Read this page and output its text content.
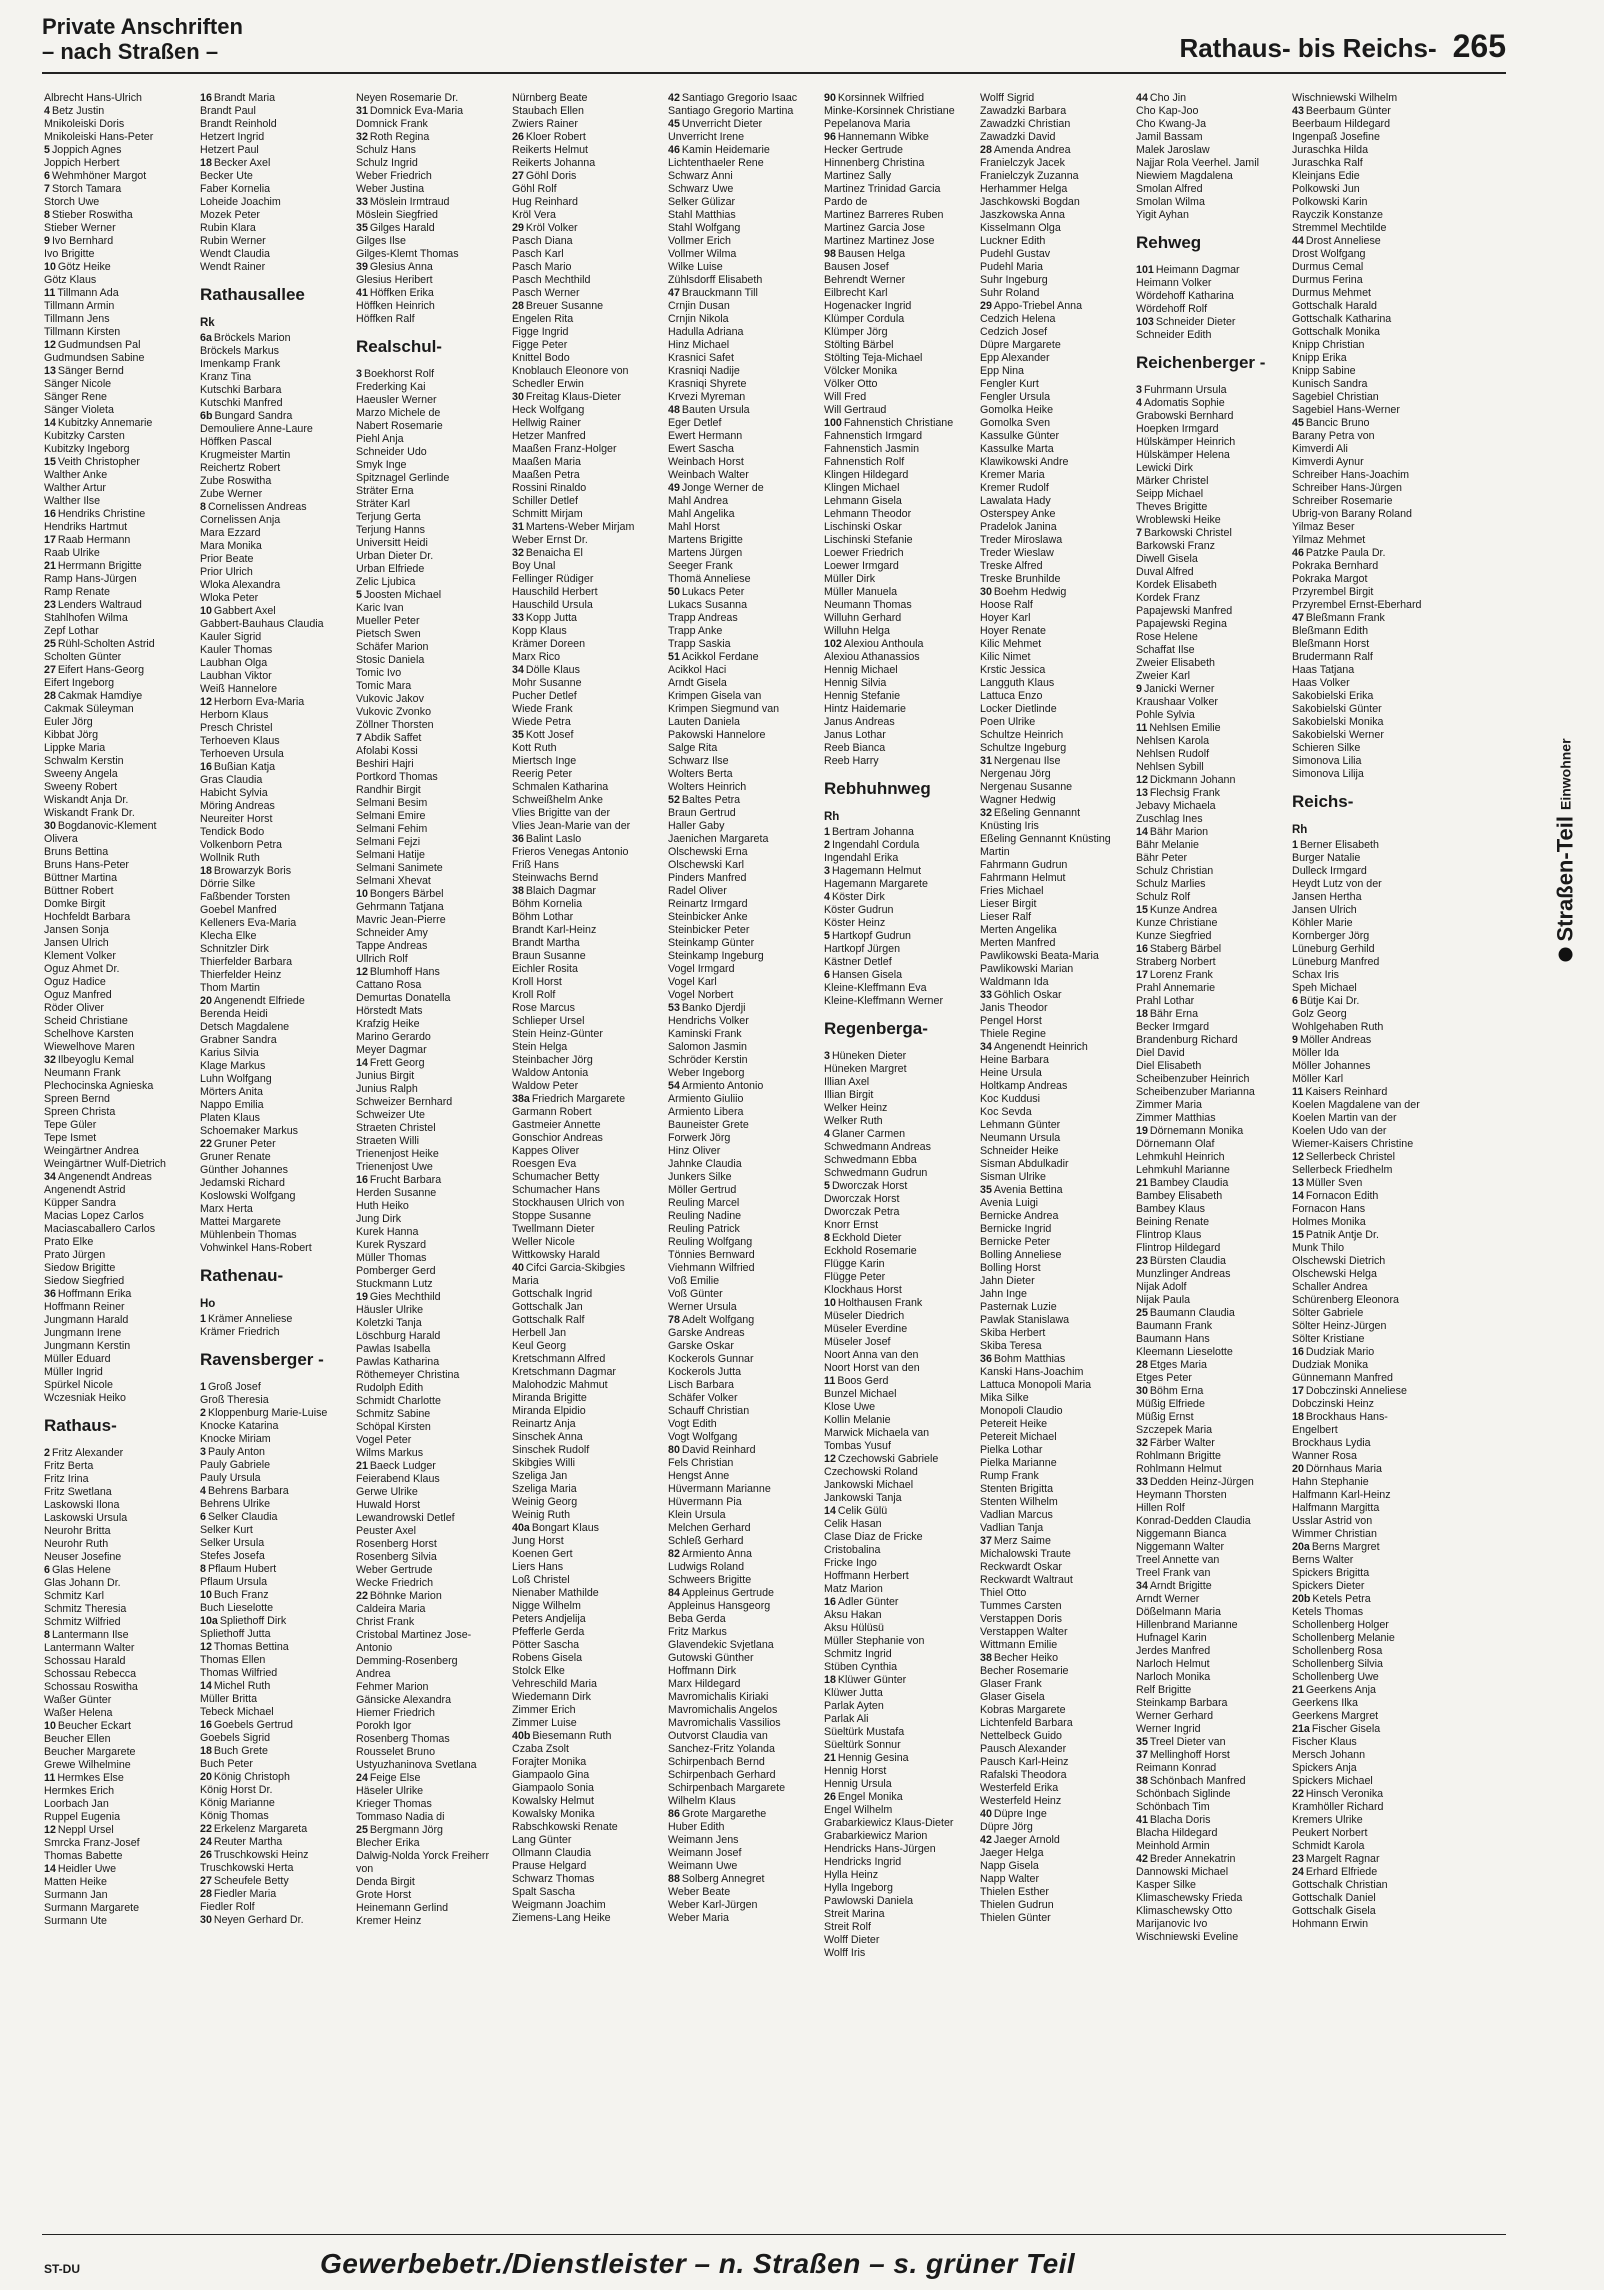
Private Anschriften
– nach Straßen –	Rathaus- bis Reichs- 265
Albrecht Hans-Ulrich
4 Betz Justin
Mnikoleiski Doris
Mnikoleiski Hans-Peter
5 Joppich Agnes
Joppich Herbert
6 Wehmhöner Margot
7 Storch Tamara
Storch Uwe
8 Stieber Roswitha
Stieber Werner
9 Ivo Bernhard
Ivo Brigitte
10 Götz Heike
Götz Klaus
11 Tillmann Ada
Tillmann Armin
Tillmann Jens
Tillmann Kirsten
12 Gudmundsen Pal
Gudmundsen Sabine
13 Sänger Bernd
Sänger Nicole
Sänger Rene
Sänger Violeta
14 Kubitzky Annemarie
Kubitzky Carsten
Kubitzky Ingeborg
15 Veith Christopher
Walther Anke
Walther Artur
Walther Ilse
16 Hendriks Christine
Hendriks Hartmut
17 Raab Hermann
Raab Ulrike
21 Herrmann Brigitte
Ramp Hans-Jürgen
Ramp Renate
23 Lenders Waltraud
Stahlhofen Wilma
Zepf Lothar
25 Rühl-Scholten Astrid
Scholten Günter
27 Eifert Hans-Georg
Eifert Ingeborg
28 Cakmak Hamdiye
Cakmak Süleyman
Euler Jörg
Kibbat Jörg
Lippke Maria
Schwalm Kerstin
Sweeny Angela
Sweeny Robert
Wiskandt Anja Dr.
Wiskandt Frank Dr.
30 Bogdanovic-Klement
Olivera
Bruns Bettina
Bruns Hans-Peter
Büttner Martina
Büttner Robert
Domke Birgit
Hochfeldt Barbara
Jansen Sonja
Jansen Ulrich
Klement Volker
Oguz Ahmet Dr.
Oguz Hadice
Oguz Manfred
Röder Oliver
Scheid Christiane
Schelhove Karsten
Wiewelhove Maren
32 Ilbeyoglu Kemal
Neumann Frank
Plechocinska Agnieska
Spreen Bernd
Spreen Christa
Tepe Güler
Tepe Ismet
Weingärtner Andrea
Weingärtner Wulf-Dietrich
34 Angenendt Andreas
Angenendt Astrid
Küpper Sandra
Macias Lopez Carlos
Maciascaballero Carlos
Prato Elke
Prato Jürgen
Siedow Brigitte
Siedow Siegfried
36 Hoffmann Erika
Hoffmann Reiner
Jungmann Harald
Jungmann Irene
Jungmann Kerstin
Müller Eduard
Müller Ingrid
Spürkel Nicole
Wczesniak Heiko
Rathaus-
2 Fritz Alexander
Fritz Berta
Fritz Irina
Fritz Swetlana
Laskowski Ilona
Laskowski Ursula
Neurohr Britta
Neurohr Ruth
Neuser Josefine
6 Glas Helene
Glas Johann Dr.
Schmitz Karl
Schmitz Theresia
Schmitz Wilfried
8 Lantermann Ilse
Lantermann Walter
Schossau Harald
Schossau Rebecca
Schossau Roswitha
Waßer Günter
Waßer Helena
10 Beucher Eckart
Beucher Ellen
Beucher Margarete
Grewe Wilhelmine
11 Hermkes Else
Hermkes Erich
Loorbach Jan
Ruppel Eugenia
12 Neppl Ursel
Smrcka Franz-Josef
Thomas Babette
14 Heidler Uwe
Matten Heike
Surmann Jan
Surmann Margarete
Surmann Ute
16 Brandt Maria
Brandt Paul
Brandt Reinhold
Hetzert Ingrid
Hetzert Paul
18 Becker Axel
Becker Ute
Faber Kornelia
Loheide Joachim
Mozek Peter
Rubin Klara
Rubin Werner
Wendt Claudia
Wendt Rainer
Rathausallee
Rk
6a Bröckels Marion
Bröckels Markus
Imenkamp Frank
Kranz Tina
Kutschki Barbara
Kutschki Manfred
6b Bungard Sandra
Demouliere Anne-Laure
Höffken Pascal
Krugmeister Martin
Reichertz Robert
Zube Roswitha
Zube Werner
8 Cornelissen Andreas
Cornelissen Anja
Mara Ezzard
Mara Monika
Prior Beate
Prior Ulrich
Wloka Alexandra
Wloka Peter
10 Gabbert Axel
Gabbert-Bauhaus Claudia
Kauler Sigrid
Kauler Thomas
Laubhan Olga
Laubhan Viktor
Weiß Hannelore
12 Herborn Eva-Maria
Herborn Klaus
Presch Christel
Terhoeven Klaus
Terhoeven Ursula
16 Bußian Katja
Gras Claudia
Habicht Sylvia
Möring Andreas
Neureiter Horst
Tendick Bodo
Volkenborn Petra
Wollnik Ruth
18 Browarzyk Boris
Dörrie Silke
Faßbender Torsten
Goebel Manfred
Kelleners Eva-Maria
Klecha Elke
Schnitzler Dirk
Thierfelder Barbara
Thierfelder Heinz
Thom Martin
20 Angenendt Elfriede
Berenda Heidi
Detsch Magdalene
Grabner Sandra
Karius Silvia
Klage Markus
Luhn Wolfgang
Mörters Anita
Nappo Emilia
Platen Klaus
Schoemaker Markus
22 Gruner Peter
Gruner Renate
Günther Johannes
Jedamski Richard
Koslowski Wolfgang
Marx Herta
Mattei Margarete
Mühlenbein Thomas
Vohwinkel Hans-Robert
Rathenau-
Ho
1 Krämer Anneliese
Krämer Friedrich
Ravensberger -
1 Groß Josef
Groß Theresia
2 Kloppenburg Marie-Luise
Knocke Katarina
Knocke Miriam
3 Pauly Anton
Pauly Gabriele
Pauly Ursula
4 Behrens Barbara
Behrens Ulrike
6 Selker Claudia
Selker Kurt
Selker Ursula
Stefes Josefa
8 Pflaum Hubert
Pflaum Ursula
10 Buch Franz
Buch Lieselotte
10a Spliethoff Dirk
Spliethoff Jutta
12 Thomas Bettina
Thomas Ellen
Thomas Wilfried
14 Michel Ruth
Müller Britta
Tebeck Michael
16 Goebels Gertrud
Goebels Sigrid
18 Buch Grete
Buch Peter
20 König Christoph
König Horst Dr.
König Marianne
König Thomas
22 Erkelenz Margareta
24 Reuter Martha
26 Truschkowski Heinz
Truschkowski Herta
27 Scheufele Betty
28 Fiedler Maria
Fiedler Rolf
30 Neyen Gerhard Dr.
Neyen Rosemarie Dr.
31 Domnick Eva-Maria
Domnick Frank
32 Roth Regina
Schulz Hans
Schulz Ingrid
Weber Friedrich
Weber Justina
33 Möslein Irmtraud
Möslein Siegfried
35 Gilges Harald
Gilges Ilse
Gilges-Klemt Thomas
39 Glesius Anna
Glesius Heribert
41 Höffken Erika
Höffken Heinrich
Höffken Ralf
Realschul-
3 Boekhorst Rolf
Frederking Kai
Haeusler Werner
Marzo Michele de
Nabert Rosemarie
Piehl Anja
Schneider Udo
Smyk Inge
Spitznagel Gerlinde
Sträter Erna
Sträter Karl
Terjung Gerta
Terjung Hanns
Universitt Heidi
Urban Dieter Dr.
Urban Elfriede
Zelic Ljubica
5 Joosten Michael
Karic Ivan
Mueller Peter
Pietsch Swen
Schäfer Marion
Stosic Daniela
Tomic Ivo
Tomic Mara
Vukovic Jakov
Vukovic Zvonko
Zöllner Thorsten
7 Abdik Saffet
Afolabi Kossi
Beshiri Hajri
Portkord Thomas
Randhir Birgit
Selmani Besim
Selmani Emire
Selmani Fehim
Selmani Fejzi
Selmani Hatije
Selmani Sanimete
Selmani Xhevat
10 Bongers Bärbel
Gehrmann Tatjana
Mavric Jean-Pierre
Schneider Amy
Tappe Andreas
Ullrich Rolf
12 Blumhoff Hans
Cattano Rosa
Demurtas Donatella
Hörstedt Mats
Krafzig Heike
Marino Gerardo
Meyer Dagmar
14 Frett Georg
Junius Birgit
Junius Ralph
Schweizer Bernhard
Schweizer Ute
Straeten Christel
Straeten Willi
Trienenjost Heike
Trienenjost Uwe
16 Frucht Barbara
Herden Susanne
Huth Heiko
Jung Dirk
Kurek Hanna
Kurek Ryszard
Müller Thomas
Pomberger Gerd
Stuckmann Lutz
19 Gies Mechthild
Häusler Ulrike
Koletzki Tanja
Löschburg Harald
Pawlas Isabella
Pawlas Katharina
Röthemeyer Christina
Rudolph Edith
Schmidt Charlotte
Schmitz Sabine
Schöpal Kirsten
Vogel Peter
Wilms Markus
21 Baeck Ludger
Feierabend Klaus
Gerwe Ulrike
Huwald Horst
Lewandrowski Detlef
Peuster Axel
Rosenberg Horst
Rosenberg Silvia
Weber Gertrude
Wecke Friedrich
22 Böhnke Marion
Caldeira Maria
Christ Frank
Cristobal Martinez Jose-
Antonio
Demming-Rosenberg
Andrea
Fehmer Marion
Gänsicke Alexandra
Hiemer Friedrich
Porokh Igor
Rosenberg Thomas
Rousselet Bruno
Ustyuzhaninova Svetlana
24 Feige Else
Häseler Ulrike
Krieger Thomas
Tommaso Nadia di
25 Bergmann Jörg
Blecher Erika
Dalwig-Nolda Yorck Freiherr
von
Denda Birgit
Grote Horst
Heinemann Gerlind
Kremer Heinz
Nürnberg Beate
Staubach Ellen
Zwiers Rainer
26 Kloer Robert
Reikerts Helmut
Reikerts Johanna
27 Göhl Doris
Göhl Rolf
Hug Reinhard
Kröl Vera
29 Kröl Volker
Pasch Diana
Pasch Karl
Pasch Mario
Pasch Mechthild
Pasch Werner
28 Breuer Susanne
Engelen Rita
Figge Ingrid
Figge Peter
Knittel Bodo
Knoblauch Eleonore von
Schedler Erwin
30 Freitag Klaus-Dieter
Heck Wolfgang
Hellwig Rainer
Hetzer Manfred
Maaßen Franz-Holger
Maaßen Maria
Maaßen Petra
Rossini Rinaldo
Schiller Detlef
Schmitt Mirjam
31 Martens-Weber Mirjam
Weber Ernst Dr.
32 Benaicha El
Boy Unal
Fellinger Rüdiger
Hauschild Herbert
Hauschild Ursula
33 Kopp Jutta
Kopp Klaus
Krämer Doreen
Marx Rico
34 Dölle Klaus
Mohr Susanne
Pucher Detlef
Wiede Frank
Wiede Petra
35 Kott Josef
Kott Ruth
Miertsch Inge
Reerig Peter
Schmalen Katharina
Schweißhelm Anke
Vlies Brigitte van der
Vlies Jean-Marie van der
36 Balint Laslo
Frieros Venegas Antonio
Friß Hans
Steinwachs Bernd
38 Blaich Dagmar
Böhm Kornelia
Böhm Lothar
Brandt Karl-Heinz
Brandt Martha
Braun Susanne
Eichler Rosita
Kroll Horst
Kroll Rolf
Rose Marcus
Schlieper Ursel
Stein Heinz-Günter
Stein Helga
Steinbacher Jörg
Waldow Antonia
Waldow Peter
38a Friedrich Margarete
Garmann Robert
Gastmeier Annette
Gonschior Andreas
Kappes Oliver
Roesgen Eva
Schumacher Betty
Schumacher Hans
Stockhausen Ulrich von
Stoppe Susanne
Twellmann Dieter
Weller Nicole
Wittkowsky Harald
40 Cifci Garcia-Skibgies
Maria
Gottschalk Ingrid
Gottschalk Jan
Gottschalk Ralf
Herbell Jan
Keul Georg
Kretschmann Alfred
Kretschmann Dagmar
Malohodzic Mahmut
Miranda Brigitte
Miranda Elpidio
Reinartz Anja
Sinschek Anna
Sinschek Rudolf
Skibgies Willi
Szeliga Jan
Szeliga Maria
Weinig Georg
Weinig Ruth
40a Bongart Klaus
Jung Horst
Koenen Gert
Liers Hans
Loß Christel
Nienaber Mathilde
Nigge Wilhelm
Peters Andjelija
Pfefferle Gerda
Pötter Sascha
Robens Gisela
Stolck Elke
Vehreschild Maria
Wiedemann Dirk
Zimmer Erich
Zimmer Luise
40b Biesemann Ruth
Czaba Zsolt
Forajter Monika
Giampaolo Gina
Giampaolo Sonia
Kowalsky Helmut
Kowalsky Monika
Rabschkowski Renate
Lang Günter
Ollmann Claudia
Prause Helgard
Schwarz Thomas
Spalt Sascha
Weigmann Joachim
Ziemens-Lang Heike
42 Santiago Gregorio Isaac
Santiago Gregorio Martina
45 Unverricht Dieter
Unverricht Irene
46 Kamin Heidemarie
Lichtenthaeler Rene
Schwarz Anni
Schwarz Uwe
Selker Gülizar
Stahl Matthias
Stahl Wolfgang
Vollmer Erich
Vollmer Wilma
Wilke Luise
Zühlsdorff Elisabeth
47 Brauckmann Till
Crnjin Dusan
Crnjin Nikola
Hadulla Adriana
Hinz Michael
Krasnici Safet
Krasniqi Nadije
Krasniqi Shyrete
Krvezi Myreman
48 Bauten Ursula
Eger Detlef
Ewert Hermann
Ewert Sascha
Weinbach Horst
Weinbach Walter
49 Jonge Werner de
Mahl Andrea
Mahl Angelika
Mahl Horst
Martens Brigitte
Martens Jürgen
Seeger Frank
Thomä Anneliese
50 Lukacs Peter
Lukacs Susanna
Trapp Andreas
Trapp Anke
Trapp Saskia
51 Acikkol Ferdane
Acikkol Haci
Arndt Gisela
Krimpen Gisela van
Krimpen Siegmund van
Lauten Daniela
Pakowski Hannelore
Salge Rita
Schwarz Ilse
Wolters Berta
Wolters Heinrich
52 Baltes Petra
Braun Gertrud
Haller Gaby
Jaenichen Margareta
Olschewski Erna
Olschewski Karl
Pinders Manfred
Radel Oliver
Reinartz Irmgard
Steinbicker Anke
Steinbicker Peter
Steinkamp Günter
Steinkamp Ingeburg
Vogel Irmgard
Vogel Karl
Vogel Norbert
53 Banko Djerdji
Hendrichs Volker
Kaminski Frank
Salomon Jasmin
Schröder Kerstin
Weber Ingeborg
54 Armiento Antonio
Armiento Giuliio
Armiento Libera
Bauneister Grete
Forwerk Jörg
Hinz Oliver
Jahnke Claudia
Junkers Silke
Möller Gertrud
Reuling Marcel
Reuling Nadine
Reuling Patrick
Reuling Wolfgang
Tönnies Bernward
Viehmann Wilfried
Voß Emilie
Voß Günter
Werner Ursula
78 Adelt Wolfgang
Garske Andreas
Garske Oskar
Kockerols Gunnar
Kockerols Jutta
Lisch Barbara
Schäfer Volker
Schauff Christian
Vogt Edith
Vogt Wolfgang
80 David Reinhard
Fels Christian
Hengst Anne
Hüvermann Marianne
Hüvermann Pia
Klein Ursula
Melchen Gerhard
Schleß Gerhard
82 Armiento Anna
Ludwigs Roland
Schweers Brigitte
84 Appleinus Gertrude
Appleinus Hansgeorg
Beba Gerda
Fritz Markus
Glavendekic Svjetlana
Gutowski Günther
Hoffmann Dirk
Marx Hildegard
Mavromichalis Kiriaki
Mavromichalis Angelos
Mavromichalis Vassilios
Outvorst Claudia van
Sanchez-Fritz Yolanda
Schirpenbach Bernd
Schirpenbach Gerhard
Schirpenbach Margarete
Wilhelm Klaus
86 Grote Margarethe
Huber Edith
Weimann Jens
Weimann Josef
Weimann Uwe
88 Solberg Annegret
Weber Beate
Weber Karl-Jürgen
Weber Maria
90 Korsinnek Wilfried
Minke-Korsinnek Christiane
Pepelanova Maria
96 Hannemann Wibke
Hecker Gertrude
Hinnenberg Christina
Martinez Sally
Martinez Trinidad Garcia
Pardo de
Martinez Barreres Ruben
Martinez Garcia Jose
Martinez Martinez Jose
98 Bausen Helga
Bausen Josef
Behrendt Werner
Eilbrecht Karl
Hogenacker Ingrid
Klümper Cordula
Klümper Jörg
Stölting Bärbel
Stölting Teja-Michael
Völcker Monika
Völker Otto
Will Fred
Will Gertraud
100 Fahnenstich Christiane
Fahnenstich Irmgard
Fahnenstich Jasmin
Fahnenstich Rolf
Klingen Hildegard
Klingen Michael
Lehmann Gisela
Lehmann Theodor
Lischinski Oskar
Lischinski Stefanie
Loewer Friedrich
Loewer Irmgard
Müller Dirk
Müller Manuela
Neumann Thomas
Willuhn Gerhard
Willuhn Helga
102 Alexiou Anthoula
Alexiou Athanassios
Hennig Michael
Hennig Silvia
Hennig Stefanie
Hintz Haidemarie
Janus Andreas
Janus Lothar
Reeb Bianca
Reeb Harry
Rebhuhnweg
Rh
1 Bertram Johanna
2 Ingendahl Cordula
Ingendahl Erika
3 Hagemann Helmut
Hagemann Margarete
4 Köster Dirk
Köster Gudrun
Köster Heinz
5 Hartkopf Gudrun
Hartkopf Jürgen
Kästner Detlef
6 Hansen Gisela
Kleine-Kleffmann Eva
Kleine-Kleffmann Werner
Regenberga-
3 Hüneken Dieter
Hüneken Margret
Illian Axel
Illian Birgit
Welker Heinz
Welker Ruth
4 Glaner Carmen
Schwedmann Andreas
Schwedmann Ebba
Schwedmann Gudrun
5 Dworczak Horst
Dworczak Horst
Dworczak Petra
Knorr Ernst
8 Eckhold Dieter
Eckhold Rosemarie
Flügge Karin
Flügge Peter
Klockhaus Horst
10 Holthausen Frank
Müseler Diedrich
Müseler Everdine
Müseler Josef
Noort Anna van den
Noort Horst van den
11 Boos Gerd
Bunzel Michael
Klose Uwe
Kollin Melanie
Marwick Michaela van
Tombas Yusuf
12 Czechowski Gabriele
Czechowski Roland
Jankowski Michael
Jankowski Tanja
14 Celik Gülü
Celik Hasan
Clase Diaz de Fricke
Cristobalina
Fricke Ingo
Hoffmann Herbert
Matz Marion
16 Adler Günter
Aksu Hakan
Aksu Hülüsü
Müller Stephanie von
Schmitz Ingrid
Stüben Cynthia
18 Klüwer Günter
Klüwer Jutta
Parlak Ayten
Parlak Ali
Süeltürk Mustafa
Süeltürk Sonnur
21 Hennig Gesina
Hennig Horst
Hennig Ursula
26 Engel Monika
Engel Wilhelm
Grabarkiewicz Klaus-Dieter
Grabarkiewicz Marion
Hendricks Hans-Jürgen
Hendricks Ingrid
Hylla Heinz
Hylla Ingeborg
Pawlowski Daniela
Streit Marina
Streit Rolf
Wolff Dieter
Wolff Iris
Wolff Sigrid
Zawadzki Barbara
Zawadzki Christian
Zawadzki David
28 Amenda Andrea
Franielczyk Jacek
Franielczyk Zuzanna
Herhammer Helga
Jaschkowski Bogdan
Jaszkowska Anna
Kisselmann Olga
Luckner Edith
Pudehl Gustav
Pudehl Maria
Suhr Ingeburg
Suhr Roland
29 Appo-Triebel Anna
Cedzich Helena
Cedzich Josef
Düpre Margarete
Epp Alexander
Epp Nina
Fengler Kurt
Fengler Ursula
Gomolka Heike
Gomolka Sven
Kassulke Günter
Kassulke Marta
Klawikowski Andre
Kremer Maria
Kremer Rudolf
Lawalata Hady
Osterspey Anke
Pradelok Janina
Treder Miroslawa
Treder Wieslaw
Treske Alfred
Treske Brunhilde
30 Boehm Hedwig
Hoose Ralf
Hoyer Karl
Hoyer Renate
Kilic Mehmet
Kilic Nimet
Krstic Jessica
Langguth Klaus
Lattuca Enzo
Locker Dietlinde
Poen Ulrike
Schultze Heinrich
Schultze Ingeburg
31 Nergenau Ilse
Nergenau Jörg
Nergenau Susanne
Wagner Hedwig
32 Eßeling Gennannt
Knüsting Iris
Eßeling Gennannt Knüsting
Martin
Fahrmann Gudrun
Fahrmann Helmut
Fries Michael
Lieser Birgit
Lieser Ralf
Merten Angelika
Merten Manfred
Pawlikowski Beata-Maria
Pawlikowski Marian
Waldmann Ida
33 Göhlich Oskar
Janis Theodor
Pengel Horst
Thiele Regine
34 Angenendt Heinrich
Heine Barbara
Heine Ursula
Holtkamp Andreas
Koc Kuddusi
Koc Sevda
Lehmann Günter
Neumann Ursula
Schneider Heike
Sisman Abdulkadir
Sisman Ulrike
35 Avenia Bettina
Avenia Luigi
Bernicke Andrea
Bernicke Ingrid
Bernicke Peter
Bolling Anneliese
Bolling Horst
Jahn Dieter
Jahn Inge
Pasternak Luzie
Pawlak Stanislawa
Skiba Herbert
Skiba Teresa
36 Bohm Matthias
Kanski Hans-Joachim
Lattuca Monopoli Maria
Mika Silke
Monopoli Claudio
Petereit Heike
Petereit Michael
Pielka Lothar
Pielka Marianne
Rump Frank
Stenten Brigitta
Stenten Wilhelm
Vadlian Marcus
Vadlian Tanja
37 Merz Saime
Michalowski Traute
Reckwardt Oskar
Reckwardt Waltraut
Thiel Otto
Tummes Carsten
Verstappen Doris
Verstappen Walter
Wittmann Emilie
38 Becher Heiko
Becher Rosemarie
Glaser Frank
Glaser Gisela
Kobras Margarete
Lichtenfeld Barbara
Nettelbeck Guido
Pausch Alexander
Pausch Karl-Heinz
Rafalski Theodora
Westerfeld Erika
Westerfeld Heinz
40 Düpre Inge
Düpre Jörg
42 Jaeger Arnold
Jaeger Helga
Napp Gisela
Napp Walter
Thielen Esther
Thielen Gudrun
Thielen Günter
44 Cho Jin
Cho Kap-Joo
Cho Kwang-Ja
Jamil Bassam
Malek Jaroslaw
Najjar Rola Veerhel. Jamil
Niewiem Magdalena
Smolan Alfred
Smolan Wilma
Yigit Ayhan
Rehweg
101 Heimann Dagmar
Heimann Volker
Wördehoff Katharina
Wördehoff Rolf
103 Schneider Dieter
Schneider Edith
Reichenberger -
3 Fuhrmann Ursula
4 Adomatis Sophie
Grabowski Bernhard
Hoepken Irmgard
Hülskämper Heinrich
Hülskämper Helena
Lewicki Dirk
Märker Christel
Seipp Michael
Theves Brigitte
Wroblewski Heike
7 Barkowski Christel
Barkowski Franz
Diwell Gisela
Duval Alfred
Kordek Elisabeth
Kordek Franz
Papajewski Manfred
Papajewski Regina
Rose Helene
Schaffat Ilse
Zweier Elisabeth
Zweier Karl
9 Janicki Werner
Kraushaar Volker
Pohle Sylvia
11 Nehlsen Emilie
Nehlsen Karola
Nehlsen Rudolf
Nehlsen Sybill
12 Dickmann Johann
13 Flechsig Frank
Jebavy Michaela
Zuschlag Ines
14 Bähr Marion
Bähr Melanie
Bähr Peter
Schulz Christian
Schulz Marlies
Schulz Rolf
15 Kunze Andrea
Kunze Christiane
Kunze Siegfried
16 Staberg Bärbel
Straberg Norbert
17 Lorenz Frank
Prahl Annemarie
Prahl Lothar
18 Bähr Erna
Becker Irmgard
Brandenburg Richard
Diel David
Diel Elisabeth
Scheibenzuber Heinrich
Scheibenzuber Marianna
Zimmer Maria
Zimmer Matthias
19 Dörnemann Monika
Dörnemann Olaf
Lehmkuhl Heinrich
Lehmkuhl Marianne
21 Bambey Claudia
Bambey Elisabeth
Bambey Klaus
Beining Renate
Flintrop Klaus
Flintrop Hildegard
23 Bürsten Claudia
Munzlinger Andreas
Nijak Adolf
Nijak Paula
25 Baumann Claudia
Baumann Frank
Baumann Hans
Kleemann Lieselotte
28 Etges Maria
Etges Peter
30 Böhm Erna
Müßig Elfriede
Müßig Ernst
Szczepek Maria
32 Färber Walter
Rohlmann Brigitte
Rohlmann Helmut
33 Dedden Heinz-Jürgen
Heymann Thorsten
Hillen Rolf
Konrad-Dedden Claudia
Niggemann Bianca
Niggemann Walter
Treel Annette van
Treel Frank van
34 Arndt Brigitte
Arndt Werner
Dößelmann Maria
Hillenbrand Marianne
Hufnagel Karin
Jerdes Manfred
Narloch Helmut
Narloch Monika
Relf Brigitte
Steinkamp Barbara
Werner Gerhard
Werner Ingrid
35 Treel Dieter van
37 Mellinghoff Horst
Reimann Konrad
38 Schönbach Manfred
Schönbach Siglinde
Schönbach Tim
41 Blacha Doris
Blacha Hildegard
Meinhold Armin
42 Breder Annekatrin
Dannowski Michael
Kasper Silke
Klimaschewsky Frieda
Klimaschewsky Otto
Marijanovic Ivo
Wischniewski Eveline
Wischniewski Wilhelm
43 Beerbaum Günter
Beerbaum Hildegard
Ingenpaß Josefine
Juraschka Hilda
Juraschka Ralf
Kleinjans Edie
Polkowski Jun
Polkowski Karin
Rayczik Konstanze
Stremmel Mechtilde
44 Drost Anneliese
Drost Wolfgang
Durmus Cemal
Durmus Ferina
Durmus Mehmet
Gottschalk Harald
Gottschalk Katharina
Gottschalk Monika
Knipp Christian
Knipp Erika
Knipp Sabine
Kunisch Sandra
Sagebiel Christian
Sagebiel Hans-Werner
45 Bancic Bruno
Barany Petra von
Kimverdi Ali
Kimverdi Aynur
Schreiber Hans-Joachim
Schreiber Hans-Jürgen
Schreiber Rosemarie
Ubrig-von Barany Roland
Yilmaz Beser
Yilmaz Mehmet
46 Patzke Paula Dr.
Pokraka Bernhard
Pokraka Margot
Przyrembel Birgit
Przyrembel Ernst-Eberhard
47 Bleßmann Frank
Bleßmann Edith
Bleßmann Horst
Brudermann Ralf
Haas Tatjana
Haas Volker
Sakobielski Erika
Sakobielski Günter
Sakobielski Monika
Sakobielski Werner
Schieren Silke
Simonova Lilia
Simonova Lilija
Reichs-
Rh
1 Berner Elisabeth
Burger Natalie
Dulleck Irmgard
Heydt Lutz von der
Jansen Hertha
Jansen Ulrich
Köhler Marie
Kornberger Jörg
Lüneburg Gerhild
Lüneburg Manfred
Schax Iris
Speh Michael
6 Bütje Kai Dr.
Golz Georg
Wohlgehaben Ruth
9 Möller Andreas
Möller Ida
Möller Johannes
Möller Karl
11 Kaisers Reinhard
Koelen Magdalene van der
Koelen Martin van der
Koelen Udo van der
Wiemer-Kaisers Christine
12 Sellerbeck Christel
Sellerbeck Friedhelm
13 Müller Sven
14 Fornacon Edith
Fornacon Hans
Holmes Monika
15 Patnik Antje Dr.
Munk Thilo
Olschewski Dietrich
Olschewski Helga
Schaller Andrea
Schürenberg Eleonora
Sölter Gabriele
Sölter Heinz-Jürgen
Sölter Kristiane
16 Dudziak Mario
Dudziak Monika
Günnemann Manfred
17 Dobczinski Anneliese
Dobczinski Heinz
18 Brockhaus Hans-
Engelbert
Brockhaus Lydia
Wanner Rosa
20 Dörnhaus Maria
Hahn Stephanie
Halfmann Karl-Heinz
Halfmann Margitta
Usslar Astrid von
Wimmer Christian
20a Berns Margret
Berns Walter
Spickers Brigitta
Spickers Dieter
20b Ketels Petra
Ketels Thomas
Schollenberg Holger
Schollenberg Melanie
Schollenberg Rosa
Schollenberg Silvia
Schollenberg Uwe
21 Geerkens Anja
Geerkens Ilka
Geerkens Margret
21a Fischer Gisela
Fischer Klaus
Mersch Johann
Spickers Anja
Spickers Michael
22 Hinsch Veronika
Kramhöller Richard
Kremers Ulrike
Peukert Norbert
Schmidt Karola
23 Margelt Ragnar
24 Erhard Elfriede
Gottschalk Christian
Gottschalk Daniel
Gottschalk Gisela
Hohmann Erwin
Straßen-Teil
Einwohner
ST-DU	Gewerbebetr./Dienstleister – n. Straßen – s. grüner Teil
